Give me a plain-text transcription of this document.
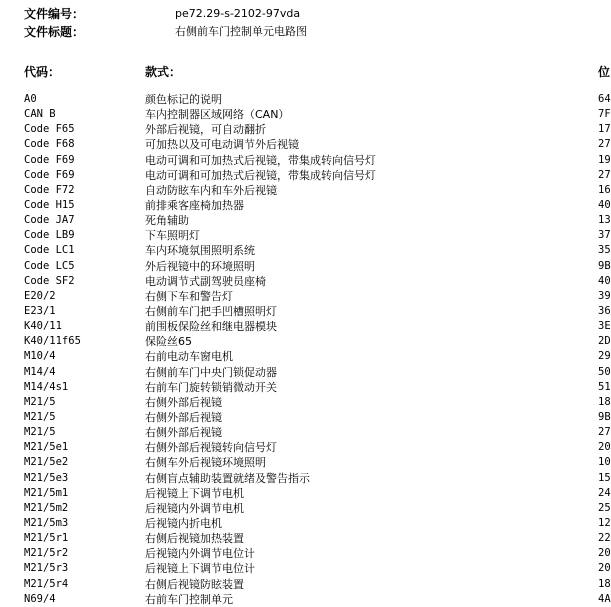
文件编号：	pe72.29-s-2102-97vda
文件标题：	右侧前车门控制单元电路图
代码：	款式：	位
A0	颜色标记的说明	64
CAN B	车内控制器区域网络（CAN）	7F
Code F65	外部后视镜，可自动翻折	17
Code F68	可加热以及可电动调节外后视镜	27
Code F69	电动可调和可加热式后视镜，带集成转向信号灯	19
Code F69	电动可调和可加热式后视镜，带集成转向信号灯	27
Code F72	自动防眩车内和车外后视镜	16
Code H15	前排乘客座椅加热器	40
Code JA7	死角辅助	13
Code LB9	下车照明灯	37
Code LC1	车内环境氛围照明系统	35
Code LC5	外后视镜中的环境照明	9B
Code SF2	电动调节式副驾驶员座椅	40
E20/2	右侧下车和警告灯	39
E23/1	右侧前车门把手凹槽照明灯	36
K40/11	前围板保险丝和继电器模块	3E
K40/11f65	保险丝65	2D
M10/4	右前电动车窗电机	29
M14/4	右侧前车门中央门锁促动器	50
M14/4s1	右前车门旋转锁销微动开关	51
M21/5	右侧外部后视镜	18
M21/5	右侧外部后视镜	9B
M21/5	右侧外部后视镜	27
M21/5e1	右侧外部后视镜转向信号灯	20
M21/5e2	右侧车外后视镜环境照明	10
M21/5e3	右侧盲点辅助装置就绪及警告指示	15
M21/5m1	后视镜上下调节电机	24
M21/5m2	后视镜内外调节电机	25
M21/5m3	后视镜内折电机	12
M21/5r1	右侧后视镜加热装置	22
M21/5r2	后视镜内外调节电位计	20
M21/5r3	后视镜上下调节电位计	20
M21/5r4	右侧后视镜防眩装置	18
N69/4	右前车门控制单元	4A
